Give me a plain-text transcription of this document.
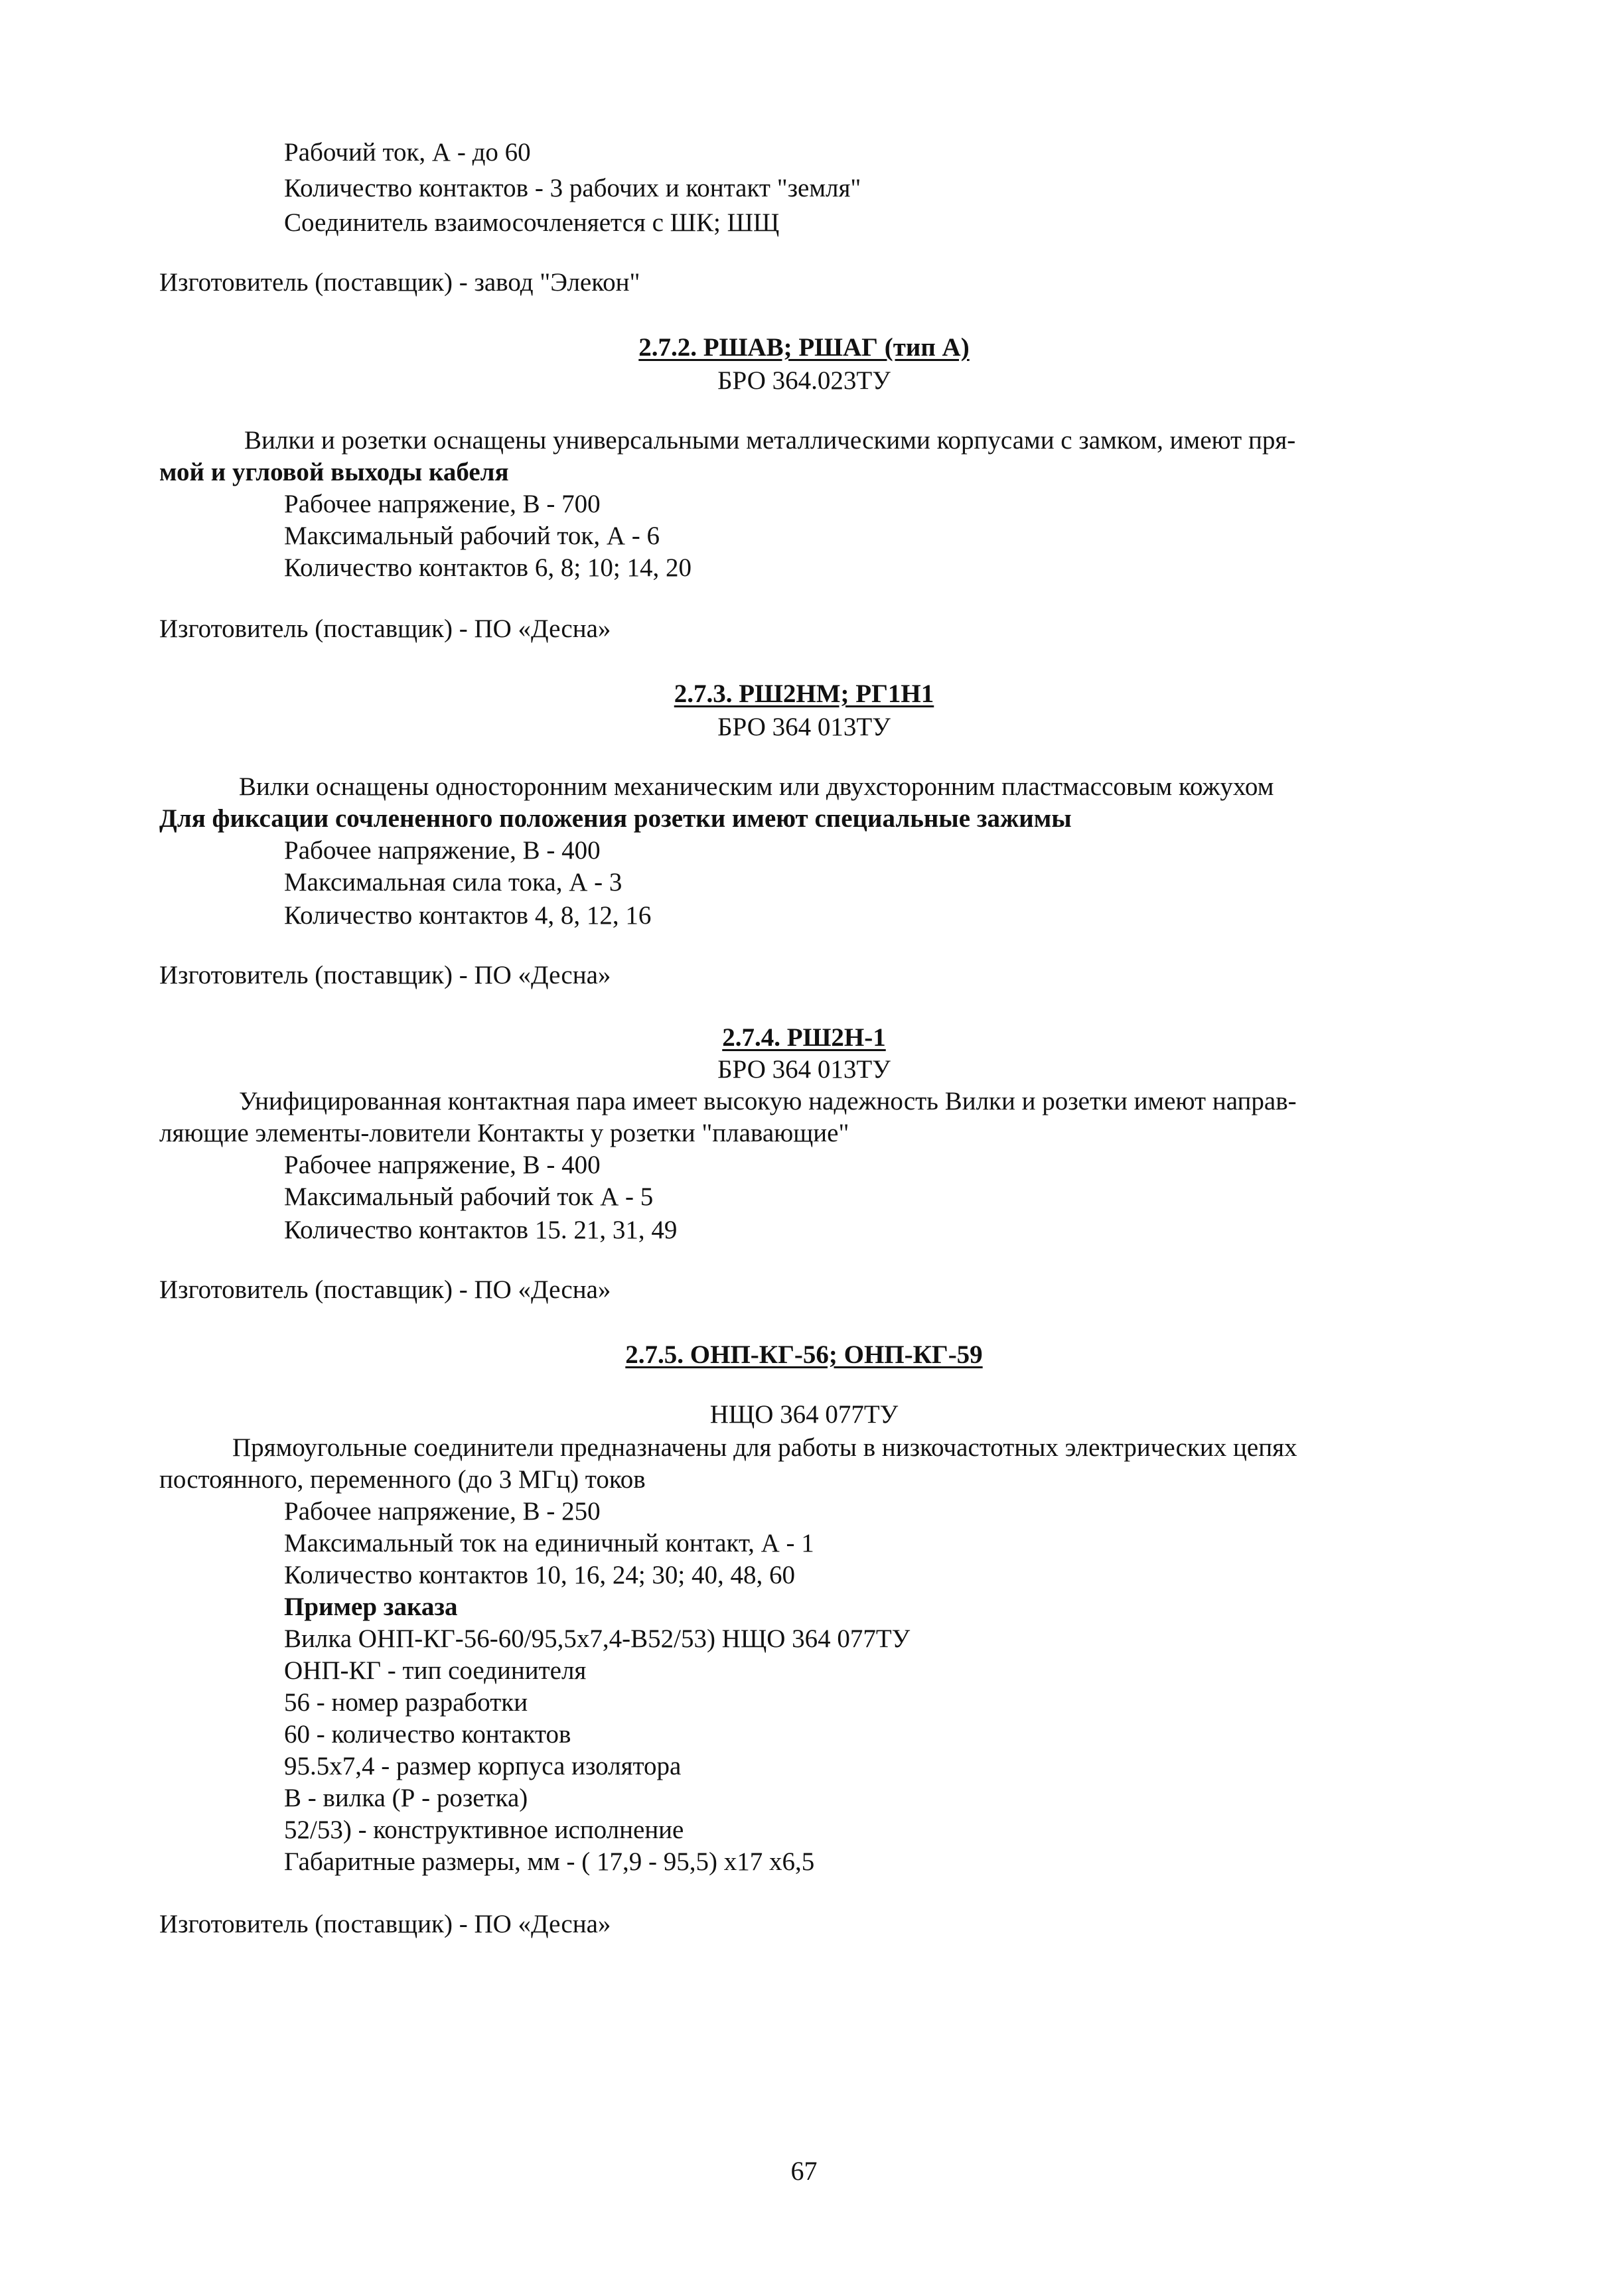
Рабочий ток, А - до 60
Количество контактов - 3 рабочих и контакт "земля"
Соединитель взаимосочленяется с ШК; ШЩ
Изготовитель (поставщик) - завод "Элекон"
2.7.2. РШАВ; РШАГ (тип А)
БРО 364.023ТУ
Вилки и розетки оснащены универсальными металлическими корпусами с замком, имеют пря-
мой и угловой выходы кабеля
Рабочее напряжение, В - 700
Максимальный рабочий ток, А - 6
Количество контактов 6, 8; 10; 14, 20
Изготовитель (поставщик) - ПО «Десна»
2.7.3. РШ2НМ; РГ1Н1
БРО 364 013ТУ
Вилки оснащены односторонним механическим или двухсторонним пластмассовым кожухом
Для фиксации сочлененного положения розетки имеют специальные зажимы
Рабочее напряжение, В - 400
Максимальная сила тока, А - 3
Количество контактов 4, 8, 12, 16
Изготовитель (поставщик) - ПО «Десна»
2.7.4. РШ2Н-1
БРО 364 013ТУ
Унифицированная контактная пара имеет высокую надежность Вилки и розетки имеют направ-
ляющие элементы-ловители Контакты у розетки "плавающие"
Рабочее напряжение, В - 400
Максимальный рабочий ток А - 5
Количество контактов 15. 21, 31, 49
Изготовитель (поставщик) - ПО «Десна»
2.7.5. ОНП-КГ-56; ОНП-КГ-59
НЩО 364 077ТУ
Прямоугольные соединители предназначены для работы в низкочастотных электрических цепях
постоянного, переменного (до 3 МГц) токов
Рабочее напряжение, В - 250
Максимальный ток на единичный контакт, А - 1
Количество контактов 10, 16, 24; 30; 40, 48, 60
Пример заказа
Вилка ОНП-КГ-56-60/95,5х7,4-В52/53) НЩО 364 077ТУ
ОНП-КГ - тип соединителя
56 - номер разработки
60 - количество контактов
95.5х7,4 - размер корпуса изолятора
В - вилка (Р - розетка)
52/53) - конструктивное исполнение
Габаритные размеры, мм - ( 17,9 - 95,5) х17 х6,5
Изготовитель (поставщик) - ПО «Десна»
67
